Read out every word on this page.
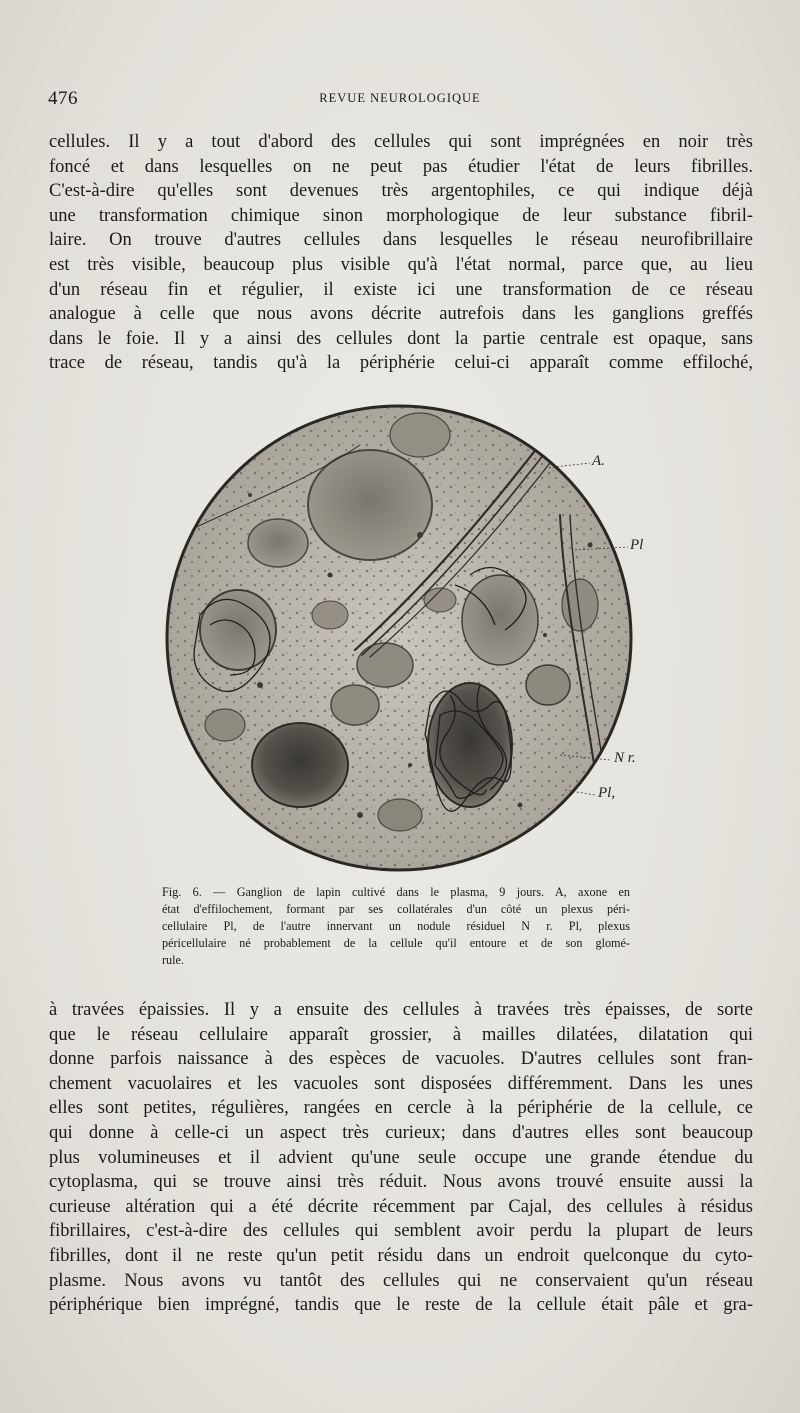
476	REVUE NEUROLOGIQUE

cellules. Il y a tout d'abord des cellules qui sont imprégnées en noir très
foncé et dans lesquelles on ne peut pas étudier l'état de leurs fibrilles.
C'est-à-dire qu'elles sont devenues très argentophiles, ce qui indique déjà
une transformation chimique sinon morphologique de leur substance fibril-
laire. On trouve d'autres cellules dans lesquelles le réseau neurofibrillaire
est très visible, beaucoup plus visible qu'à l'état normal, parce que, au lieu
d'un réseau fin et régulier, il existe ici une transformation de ce réseau
analogue à celle que nous avons décrite autrefois dans les ganglions greffés
dans le foie. Il y a ainsi des cellules dont la partie centrale est opaque, sans
trace de réseau, tandis qu'à la périphérie celui-ci apparaît comme effiloché,

A.
Pl
N r.
Pl,

Fig. 6. — Ganglion de lapin cultivé dans le plasma, 9 jours. A, axone en
état d'effilochement, formant par ses collatérales d'un côté un plexus péri-
cellulaire Pl, de l'autre innervant un nodule résiduel N r. Pl, plexus
péricellulaire né probablement de la cellule qu'il entoure et de son glomé-
rule.

à travées épaissies. Il y a ensuite des cellules à travées très épaisses, de sorte
que le réseau cellulaire apparaît grossier, à mailles dilatées, dilatation qui
donne parfois naissance à des espèces de vacuoles. D'autres cellules sont fran-
chement vacuolaires et les vacuoles sont disposées différemment. Dans les unes
elles sont petites, régulières, rangées en cercle à la périphérie de la cellule, ce
qui donne à celle-ci un aspect très curieux; dans d'autres elles sont beaucoup
plus volumineuses et il advient qu'une seule occupe une grande étendue du
cytoplasma, qui se trouve ainsi très réduit. Nous avons trouvé ensuite aussi la
curieuse altération qui a été décrite récemment par Cajal, des cellules à résidus
fibrillaires, c'est-à-dire des cellules qui semblent avoir perdu la plupart de leurs
fibrilles, dont il ne reste qu'un petit résidu dans un endroit quelconque du cyto-
plasme. Nous avons vu tantôt des cellules qui ne conservaient qu'un réseau
périphérique bien imprégné, tandis que le reste de la cellule était pâle et gra-
